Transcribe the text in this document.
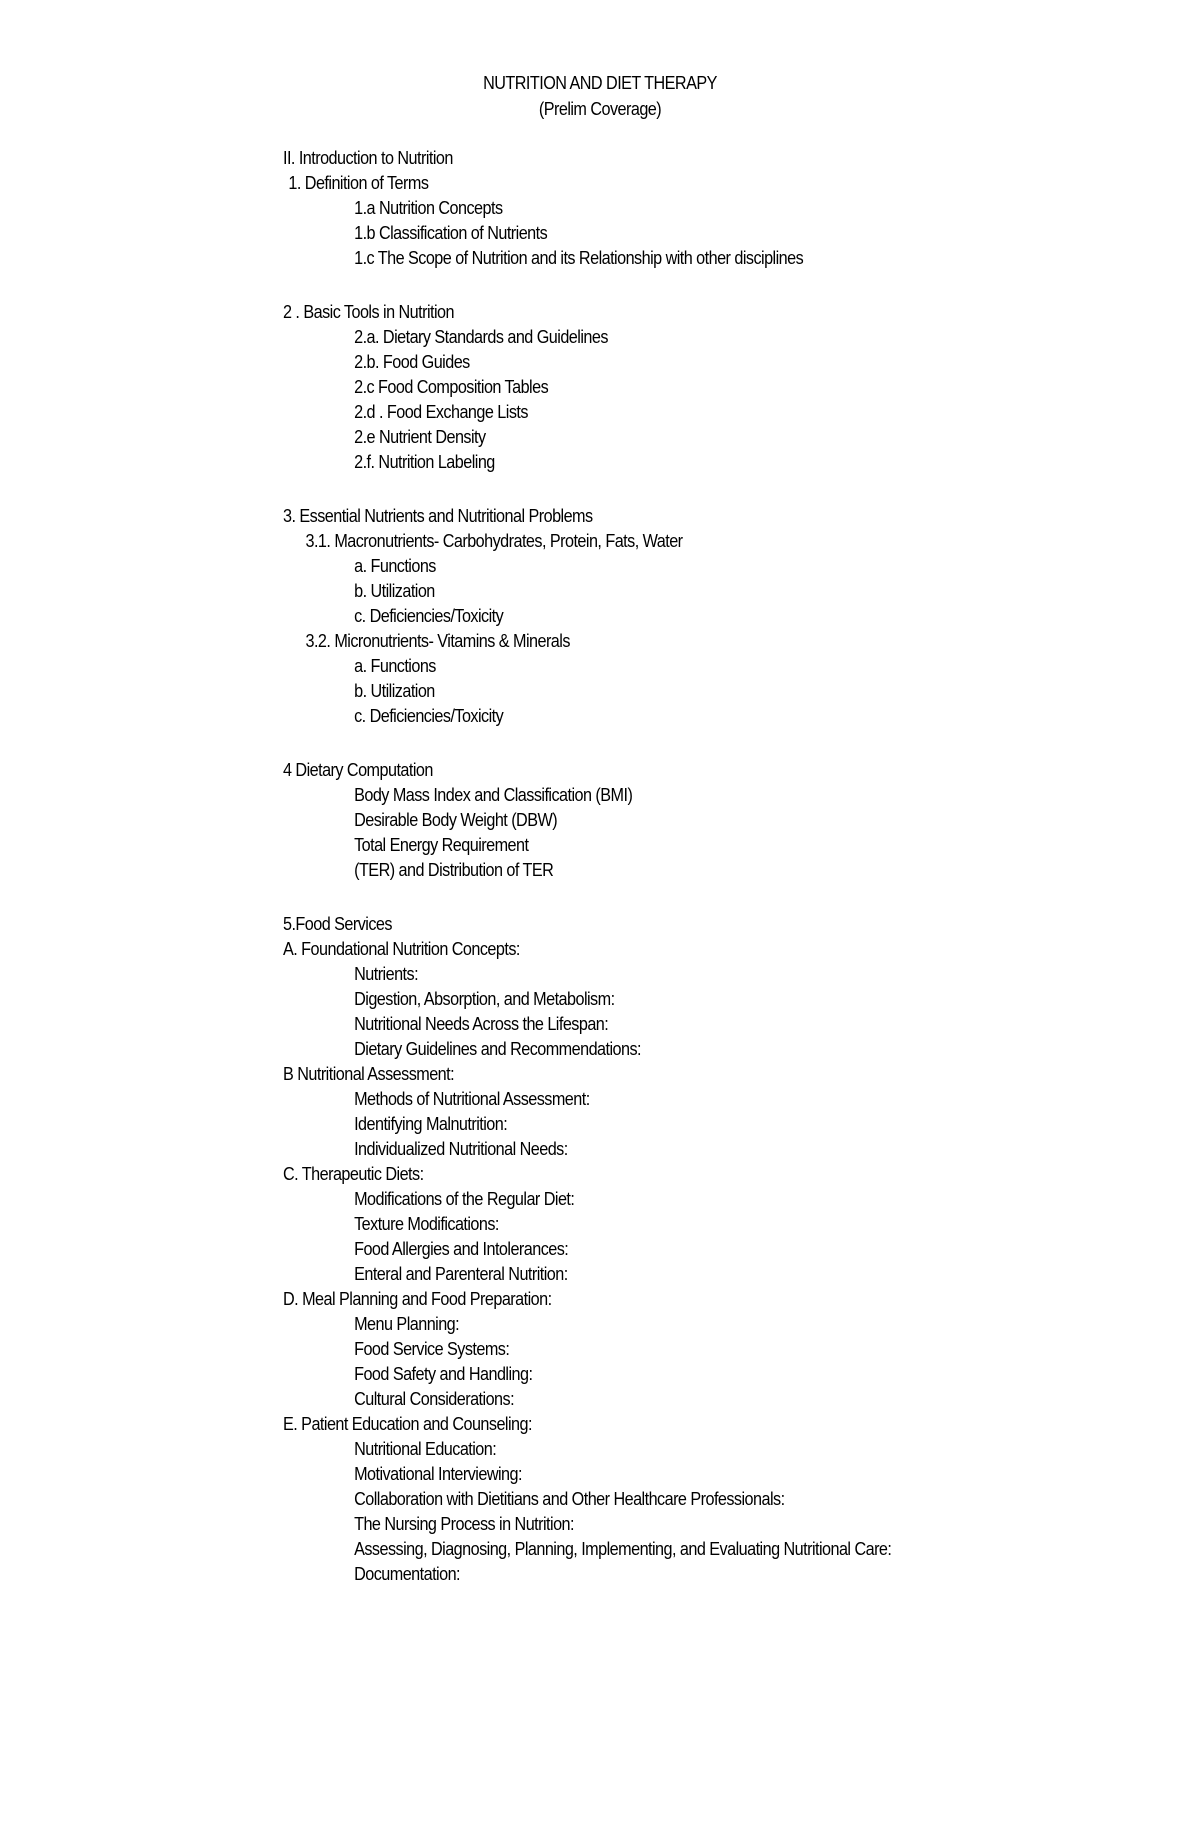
NUTRITION AND DIET THERAPY
(Prelim Coverage)
II. Introduction to Nutrition
1. Definition of Terms
1.a Nutrition Concepts
1.b Classification of Nutrients
1.c The Scope of Nutrition and its Relationship with other disciplines
2 . Basic Tools in Nutrition
2.a. Dietary Standards and Guidelines
2.b. Food Guides
2.c Food Composition Tables
2.d . Food Exchange Lists
2.e Nutrient Density
2.f. Nutrition Labeling
3. Essential Nutrients and Nutritional Problems
3.1. Macronutrients- Carbohydrates, Protein, Fats, Water
a. Functions
b. Utilization
c. Deficiencies/Toxicity
3.2. Micronutrients- Vitamins & Minerals
a. Functions
b. Utilization
c. Deficiencies/Toxicity
4 Dietary Computation
Body Mass Index and Classification (BMI)
Desirable Body Weight (DBW)
Total Energy Requirement
(TER) and Distribution of TER
5.Food Services
A. Foundational Nutrition Concepts:
Nutrients:
Digestion, Absorption, and Metabolism:
Nutritional Needs Across the Lifespan:
Dietary Guidelines and Recommendations:
B Nutritional Assessment:
Methods of Nutritional Assessment:
Identifying Malnutrition:
Individualized Nutritional Needs:
C. Therapeutic Diets:
Modifications of the Regular Diet:
Texture Modifications:
Food Allergies and Intolerances:
Enteral and Parenteral Nutrition:
D. Meal Planning and Food Preparation:
Menu Planning:
Food Service Systems:
Food Safety and Handling:
Cultural Considerations:
E. Patient Education and Counseling:
Nutritional Education:
Motivational Interviewing:
Collaboration with Dietitians and Other Healthcare Professionals:
The Nursing Process in Nutrition:
Assessing, Diagnosing, Planning, Implementing, and Evaluating Nutritional Care:
Documentation:
